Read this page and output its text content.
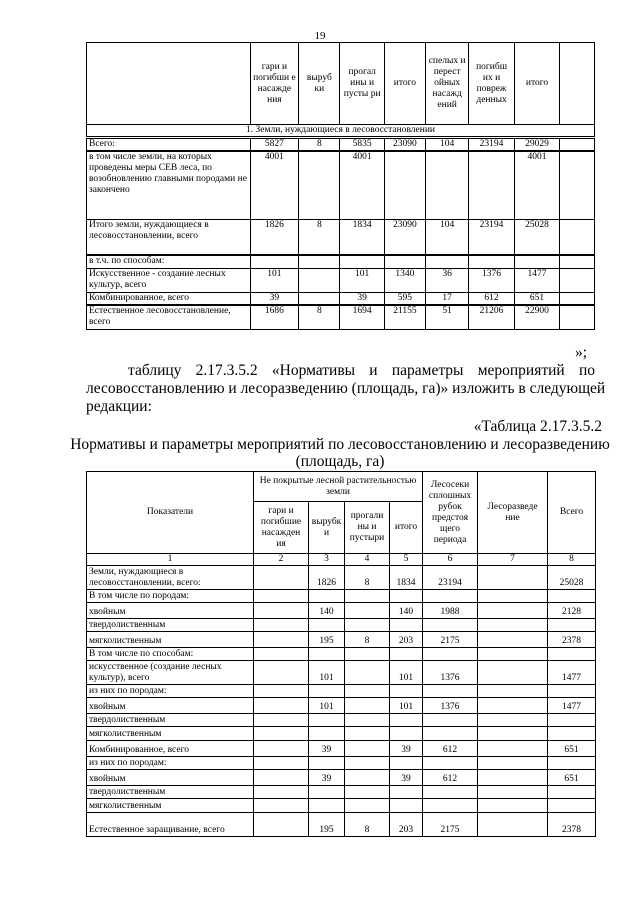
19
	гари и погибши е насажде ния	выруб ки	прогал ины и пусты ри	итого	спелых и перест ойных насажд ений	погибш их и повреж денных	итого	
1. Земли, нуждающиеся в лесовосстановлении								
Всего:	5827	8	5835	23090	104	23194	29029	
в том числе земли, на которых проведены меры СЕВ леса, по возобновлению главными породами не закончено	4001		4001				4001	
Итого земли, нуждающиеся в лесовосстановлении, всего	1826	8	1834	23090	104	23194	25028	
в т.ч. по способам:								
Искусственное - создание лесных культур, всего	101		101	1340	36	1376	1477	
Комбинированное, всего	39		39	595	17	612	651	
Естественное лесовосстановление, всего	1686	8	1694	21155	51	21206	22900	
»;
таблицу 2.17.3.5.2 «Нормативы и параметры мероприятий по
лесовосстановлению и лесоразведению (площадь, га)» изложить в следующей
редакции:
«Таблица 2.17.3.5.2
Нормативы и параметры мероприятий по лесовосстановлению и лесоразведению
(площадь, га)
Показатели	Не покрытые лесной растительностью земли				Лесосеки сплошных рубок предстоя щего периода	Лесоразведе ние	Всего
	гари и погибшие насажден ия	вырубк и	прогали ны и пустыри	итого			
1	2	3	4	5	6	7	8
Земли, нуждающиеся в лесовосстановлении, всего:		1826	8	1834	23194		25028
В том числе по породам:							
хвойным		140		140	1988		2128
твердолиственным							
мягколиственным		195	8	203	2175		2378
В том числе по способам:							
искусственное (создание лесных культур), всего		101		101	1376		1477
из них по породам:							
хвойным		101		101	1376		1477
твердолиственным							
мягколиственным							
Комбинированное, всего		39		39	612		651
из них по породам:							
хвойным		39		39	612		651
твердолиственным							
мягколиственным							
Естественное заращивание, всего		195	8	203	2175		2378
